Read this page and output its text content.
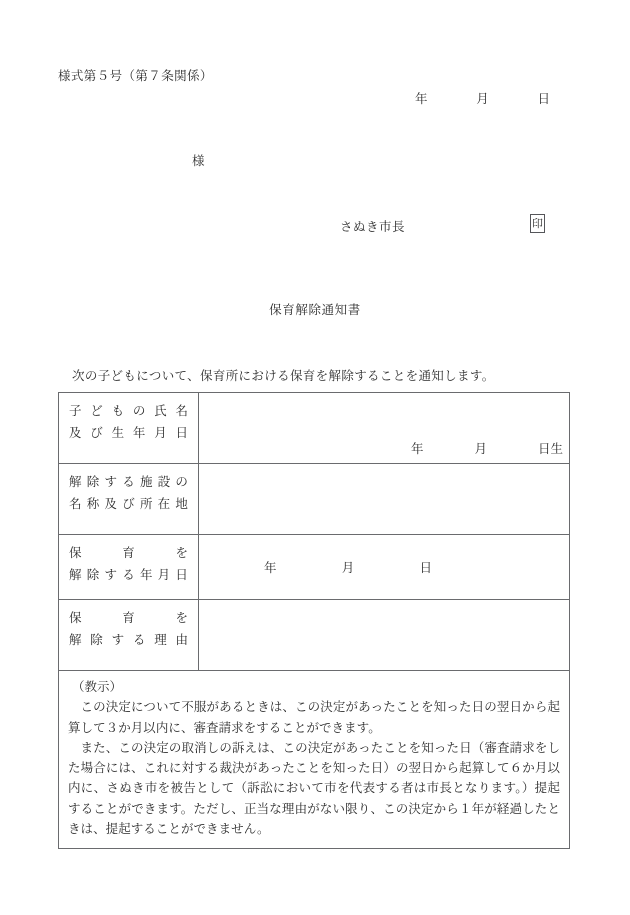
様式第５号（第７条関係）
年	月	日
様
さぬき市長	印
保育解除通知書
次の子どもについて、保育所における保育を解除することを通知します。
子 ど も の 氏 名
及 び 生 年 月 日

年	月	日生

解 除 す る 施 設 の
名 称 及 び 所 在 地

保	育	を
解 除 す る 年 月 日	年	月	日

保	育	を
解 除 す る 理 由

（教示）

この決定について不服があるときは、この決定があったことを知った日の翌日から起算して３か月以内に、審査請求をすることができます。

また、この決定の取消しの訴えは、この決定があったことを知った日（審査請求をした場合には、これに対する裁決があったことを知った日）の翌日から起算して６か月以内に、さぬき市を被告として（訴訟において市を代表する者は市長となります。）提起することができます。ただし、正当な理由がない限り、この決定から１年が経過したときは、提起することができません。	
